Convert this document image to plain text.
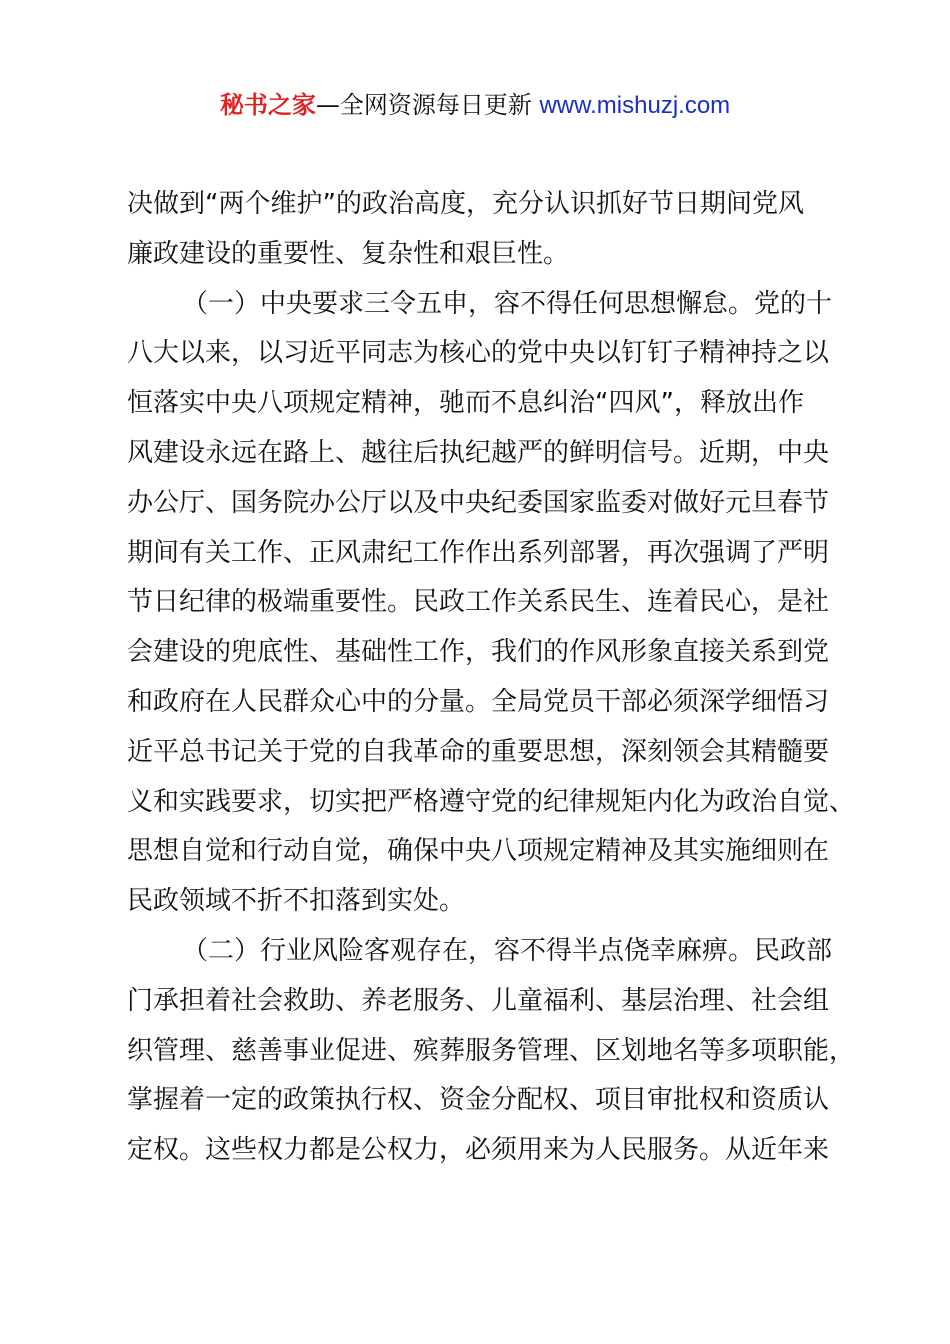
秘书之家—全网资源每日更新 www.mishuzj.com
决做到“两个维护”的政治高度，充分认识抓好节日期间党风
廉政建设的重要性、复杂性和艰巨性。
（一）中央要求三令五申，容不得任何思想懈怠。党的十
八大以来，以习近平同志为核心的党中央以钉钉子精神持之以
恒落实中央八项规定精神，驰而不息纠治“四风”，释放出作
风建设永远在路上、越往后执纪越严的鲜明信号。近期，中央
办公厅、国务院办公厅以及中央纪委国家监委对做好元旦春节
期间有关工作、正风肃纪工作作出系列部署，再次强调了严明
节日纪律的极端重要性。民政工作关系民生、连着民心，是社
会建设的兜底性、基础性工作，我们的作风形象直接关系到党
和政府在人民群众心中的分量。全局党员干部必须深学细悟习
近平总书记关于党的自我革命的重要思想，深刻领会其精髓要
义和实践要求，切实把严格遵守党的纪律规矩内化为政治自觉、
思想自觉和行动自觉，确保中央八项规定精神及其实施细则在
民政领域不折不扣落到实处。
（二）行业风险客观存在，容不得半点侥幸麻痹。民政部
门承担着社会救助、养老服务、儿童福利、基层治理、社会组
织管理、慈善事业促进、殡葬服务管理、区划地名等多项职能，
掌握着一定的政策执行权、资金分配权、项目审批权和资质认
定权。这些权力都是公权力，必须用来为人民服务。从近年来
